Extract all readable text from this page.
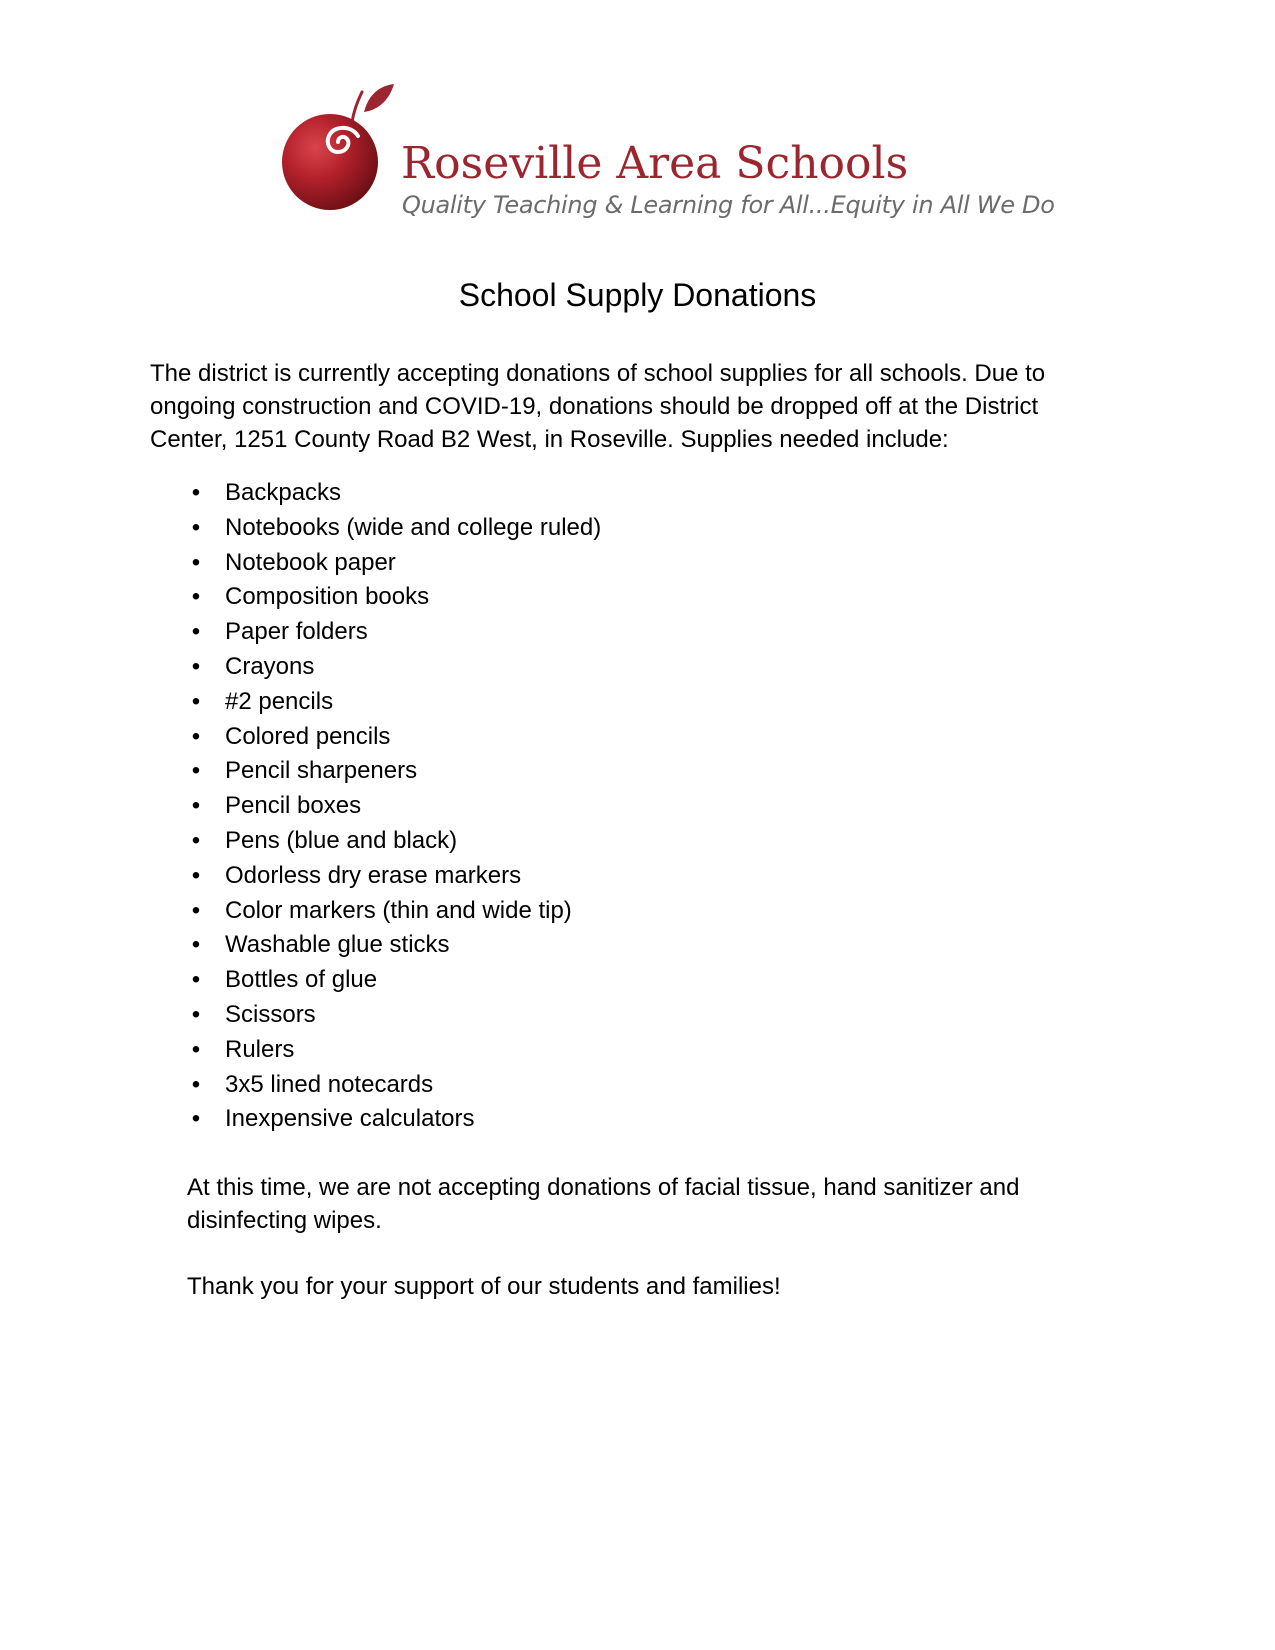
Roseville Area Schools
Quality Teaching & Learning for All...Equity in All We Do
School Supply Donations

The district is currently accepting donations of school supplies for all schools. Due to ongoing construction and COVID-19, donations should be dropped off at the District Center, 1251 County Road B2 West, in Roseville. Supplies needed include:

•
Backpacks
•
Notebooks (wide and college ruled)
•
Notebook paper
•
Composition books
•
Paper folders
•
Crayons
•
#2 pencils
•
Colored pencils
•
Pencil sharpeners
•
Pencil boxes
•
Pens (blue and black)
•
Odorless dry erase markers
•
Color markers (thin and wide tip)
•
Washable glue sticks
•
Bottles of glue
•
Scissors
•
Rulers
•
3x5 lined notecards
•
Inexpensive calculators

At this time, we are not accepting donations of facial tissue, hand sanitizer and disinfecting wipes.

Thank you for your support of our students and families!
